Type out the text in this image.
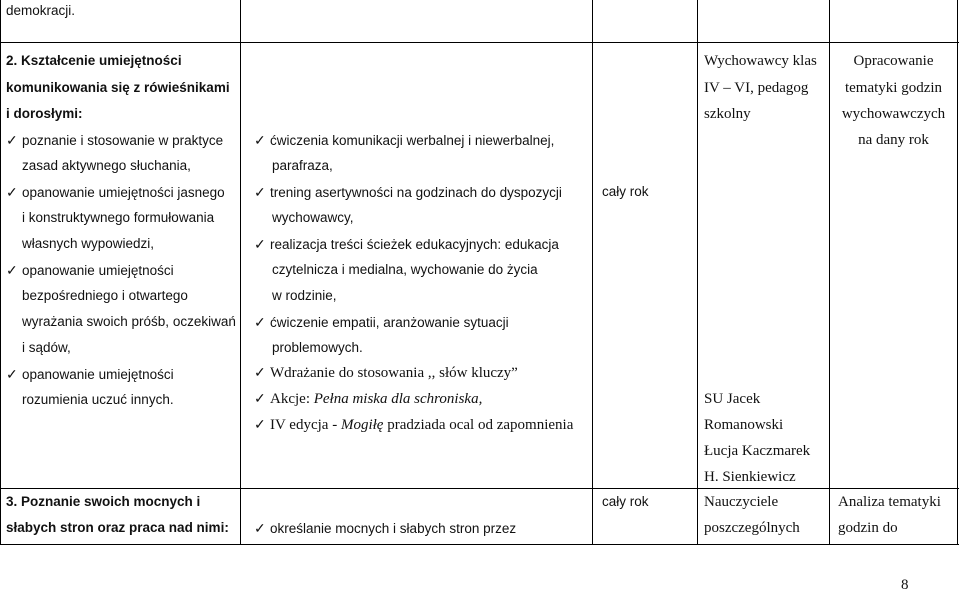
demokracji.
2. Kształcenie umiejętności
komunikowania się z rówieśnikami
i dorosłymi:
✓ poznanie i stosowanie w praktyce
zasad aktywnego słuchania,
✓ opanowanie umiejętności jasnego
i konstruktywnego formułowania
własnych wypowiedzi,
✓ opanowanie umiejętności
bezpośredniego i otwartego
wyrażania swoich próśb, oczekiwań
i sądów,
✓ opanowanie umiejętności
rozumienia uczuć innych.
✓ ćwiczenia komunikacji werbalnej i niewerbalnej,
parafraza,
✓ trening asertywności na godzinach do dyspozycji
wychowawcy,
✓ realizacja treści ścieżek edukacyjnych: edukacja
czytelnicza i medialna, wychowanie do życia
w rodzinie,
✓ ćwiczenie empatii, aranżowanie sytuacji
problemowych.
✓ Wdrażanie do stosowania ,, słów kluczy”
✓ Akcje: Pełna miska dla schroniska,
✓ IV edycja - Mogiłę pradziada ocal od zapomnienia
cały rok
Wychowawcy klas
IV – VI, pedagog
szkolny
SU Jacek
Romanowski
Łucja Kaczmarek
H. Sienkiewicz
Opracowanie
tematyki godzin
wychowawczych
na dany rok
3. Poznanie swoich mocnych i
słabych stron oraz praca nad nimi: ✓ określanie mocnych i słabych stron przez
cały rok	Nauczyciele
poszczególnych
Analiza tematyki
godzin do
8
